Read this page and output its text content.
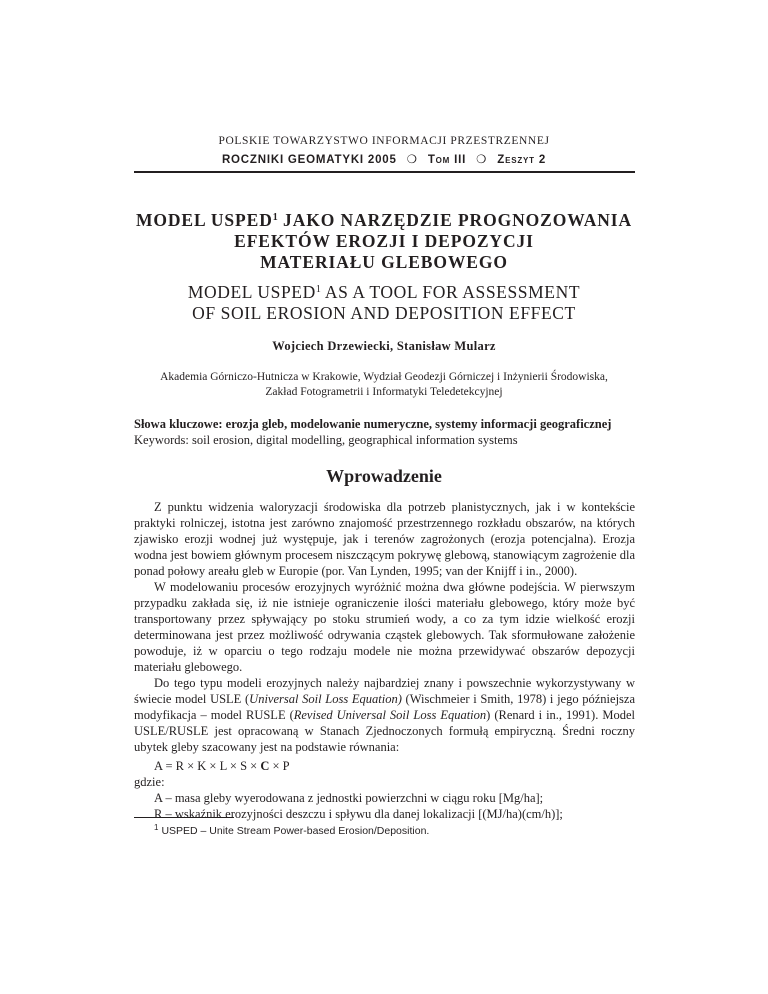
POLSKIE TOWARZYSTWO INFORMACJI PRZESTRZENNEJ
ROCZNIKI GEOMATYKI 2005 ❍ Tom III ❍ Zeszyt 2
MODEL USPED$^1$ JAKO NARZĘDZIE PROGNOZOWANIA
EFEKTÓW EROZJI I DEPOZYCJI
MATERIAŁU GLEBOWEGO
MODEL USPED$^1$ AS A TOOL FOR ASSESSMENT
OF SOIL EROSION AND DEPOSITION EFFECT
Wojciech Drzewiecki, Stanisław Mularz
Akademia Górniczo-Hutnicza w Krakowie, Wydział Geodezji Górniczej i Inżynierii Środowiska,
Zakład Fotogrametrii i Informatyki Teledetekcyjnej
Słowa kluczowe: erozja gleb, modelowanie numeryczne, systemy informacji geograficznej
Keywords: soil erosion, digital modelling, geographical information systems
Wprowadzenie

Z punktu widzenia waloryzacji środowiska dla potrzeb planistycznych, jak i w kontekście praktyki rolniczej, istotna jest zarówno znajomość przestrzennego rozkładu obszarów, na których zjawisko erozji wodnej już występuje, jak i terenów zagrożonych (erozja potencjalna). Erozja wodna jest bowiem głównym procesem niszczącym pokrywę glebową, stanowiącym zagrożenie dla ponad połowy areału gleb w Europie (por. Van Lynden, 1995; van der Knijff i in., 2000).

W modelowaniu procesów erozyjnych wyróżnić można dwa główne podejścia. W pierwszym przypadku zakłada się, iż nie istnieje ograniczenie ilości materiału glebowego, który może być transportowany przez spływający po stoku strumień wody, a co za tym idzie wielkość erozji determinowana jest przez możliwość odrywania cząstek glebowych. Tak sformułowane założenie powoduje, iż w oparciu o tego rodzaju modele nie można przewidywać obszarów depozycji materiału glebowego.

Do tego typu modeli erozyjnych należy najbardziej znany i powszechnie wykorzystywany w świecie model USLE (Universal Soil Loss Equation) (Wischmeier i Smith, 1978) i jego późniejsza modyfikacja – model RUSLE (Revised Universal Soil Loss Equation) (Renard i in., 1991). Model USLE/RUSLE jest opracowaną w Stanach Zjednoczonych formułą empiryczną. Średni roczny ubytek gleby szacowany jest na podstawie równania:

A = R × K × L × S × C × P
gdzie:
A – masa gleby wyerodowana z jednostki powierzchni w ciągu roku [Mg/ha];
R – wskaźnik erozyjności deszczu i spływu dla danej lokalizacji [(MJ/ha)(cm/h)];
$^1$ USPED – Unite Stream Power-based Erosion/Deposition.
